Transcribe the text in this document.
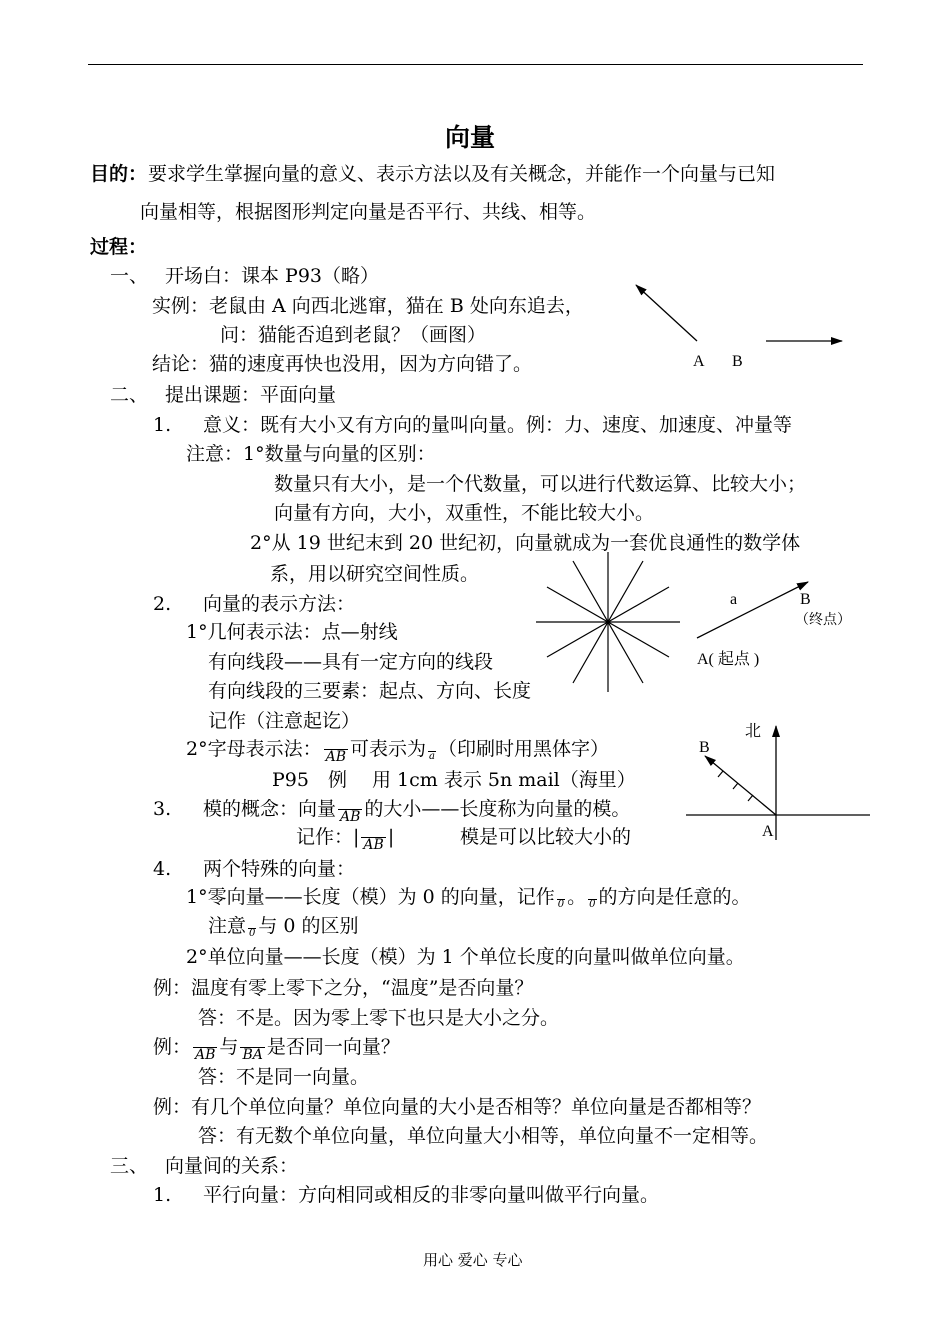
向量
目的： 要求学生掌握向量的意义、表示方法以及有关概念，并能作一个向量与已知
向量相等，根据图形判定向量是否平行、共线、相等。
过程：
一、 开场白：课本 P93（略）
实例：老鼠由 A 向西北逃窜，猫在 B 处向东追去，
问：猫能否追到老鼠？（画图）
结论：猫的速度再快也没用，因为方向错了。
二、 提出课题：平面向量
1. 意义：既有大小又有方向的量叫向量。例：力、速度、加速度、冲量等
注意：1°数量与向量的区别：
数量只有大小，是一个代数量，可以进行代数运算、比较大小；
向量有方向，大小，双重性，不能比较大小。
2°从 19 世纪末到 20 世纪初，向量就成为一套优良通性的数学体
系，用以研究空间性质。
2. 向量的表示方法：
1°几何表示法：点—射线
有向线段——具有一定方向的线段
有向线段的三要素：起点、方向、长度
记作（注意起讫）
2°字母表示法： AB 可表示为 a （印刷时用黑体字）
P95　例　 用 1cm 表示 5n mail（海里）
3. 模的概念：向量 AB 的大小——长度称为向量的模。
记作：| AB |	模是可以比较大小的
4. 两个特殊的向量：
1°零向量——长度（模）为 0 的向量，记作 0 。 0 的方向是任意的。
注意 0 与 0 的区别
2°单位向量——长度（模）为 1 个单位长度的向量叫做单位向量。
例：温度有零上零下之分，“温度”是否向量？
答：不是。因为零上零下也只是大小之分。
例： AB 与 BA 是否同一向量？
答：不是同一向量。
例：有几个单位向量？单位向量的大小是否相等？单位向量是否都相等？
答：有无数个单位向量，单位向量大小相等，单位向量不一定相等。
三、 向量间的关系：
1. 平行向量：方向相同或相反的非零向量叫做平行向量。
A B
a	B
（终点）
A( 起点 )
北
B
A
用心 爱心 专心
